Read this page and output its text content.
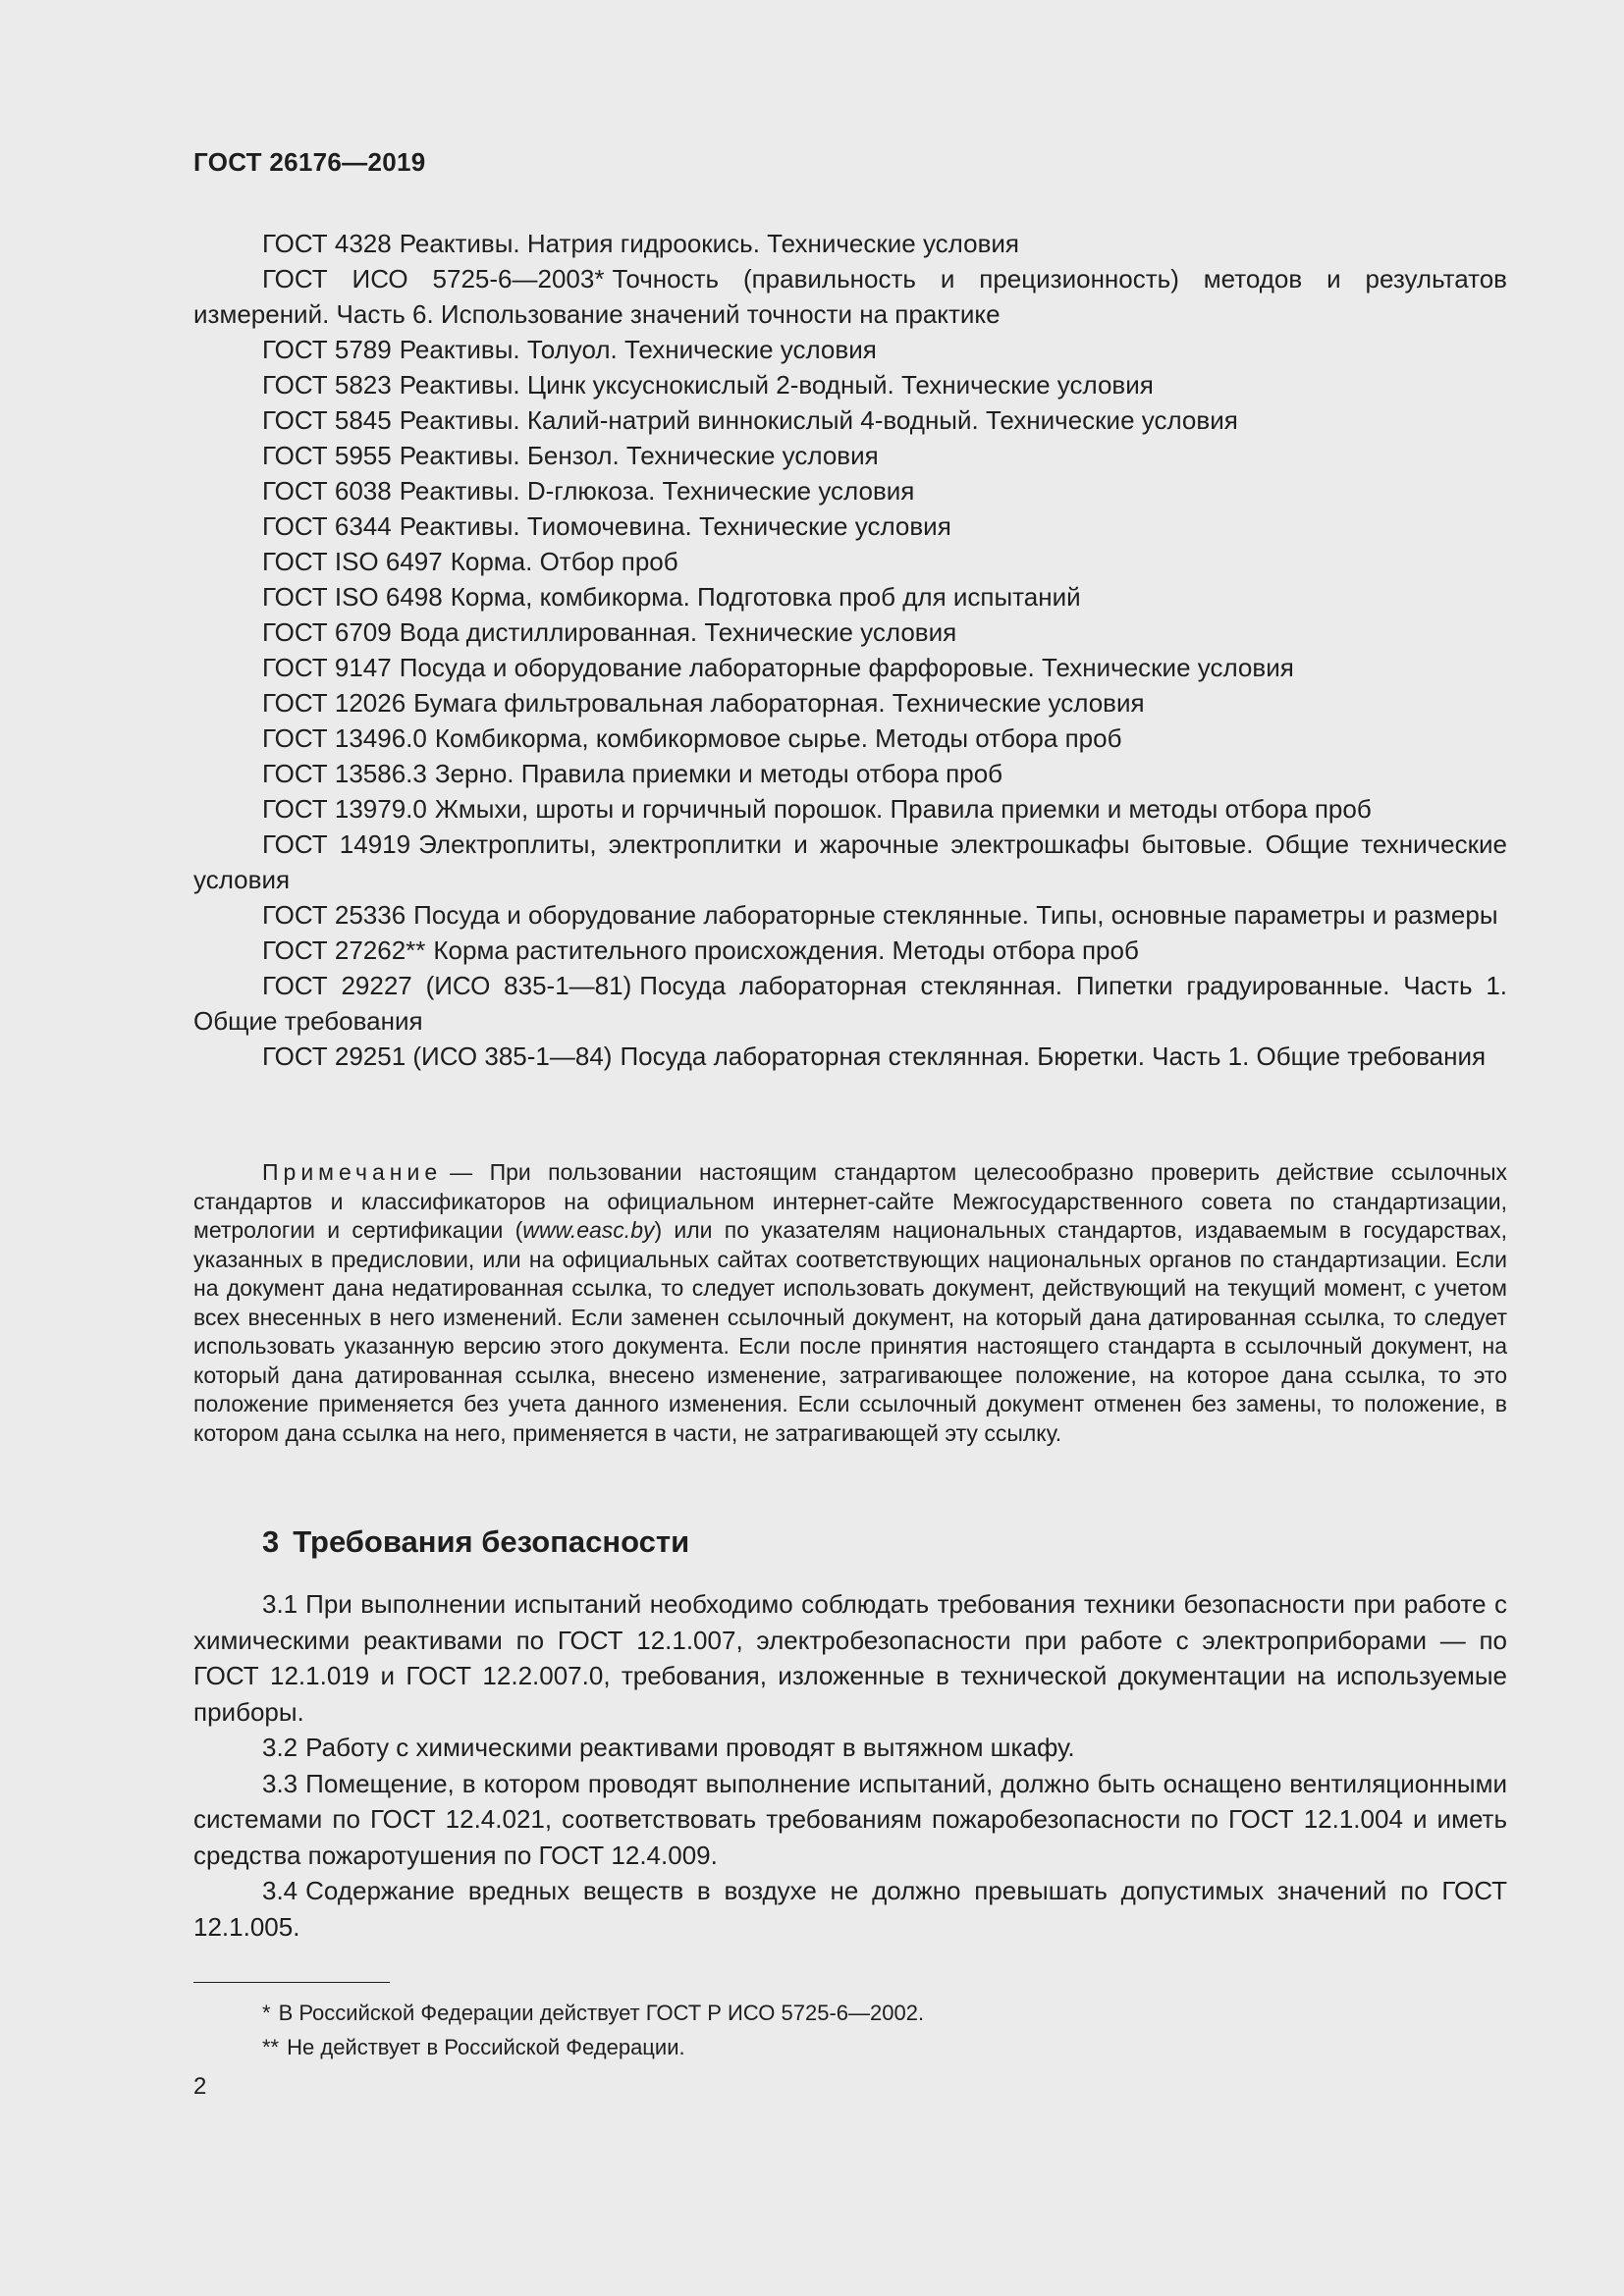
ГОСТ 26176—2019

ГОСТ 4328 Реактивы. Натрия гидроокись. Технические условия

ГОСТ ИСО 5725-6—2003* Точность (правильность и прецизионность) методов и результатов измерений. Часть 6. Использование значений точности на практике

ГОСТ 5789 Реактивы. Толуол. Технические условия

ГОСТ 5823 Реактивы. Цинк уксуснокислый 2-водный. Технические условия

ГОСТ 5845 Реактивы. Калий-натрий виннокислый 4-водный. Технические условия

ГОСТ 5955 Реактивы. Бензол. Технические условия

ГОСТ 6038 Реактивы. D-глюкоза. Технические условия

ГОСТ 6344 Реактивы. Тиомочевина. Технические условия

ГОСТ ISO 6497 Корма. Отбор проб

ГОСТ ISO 6498 Корма, комбикорма. Подготовка проб для испытаний

ГОСТ 6709 Вода дистиллированная. Технические условия

ГОСТ 9147 Посуда и оборудование лабораторные фарфоровые. Технические условия

ГОСТ 12026 Бумага фильтровальная лабораторная. Технические условия

ГОСТ 13496.0 Комбикорма, комбикормовое сырье. Методы отбора проб

ГОСТ 13586.3 Зерно. Правила приемки и методы отбора проб

ГОСТ 13979.0 Жмыхи, шроты и горчичный порошок. Правила приемки и методы отбора проб

ГОСТ 14919 Электроплиты, электроплитки и жарочные электрошкафы бытовые. Общие технические условия

ГОСТ 25336 Посуда и оборудование лабораторные стеклянные. Типы, основные параметры и размеры

ГОСТ 27262** Корма растительного происхождения. Методы отбора проб

ГОСТ 29227 (ИСО 835-1—81) Посуда лабораторная стеклянная. Пипетки градуированные. Часть 1. Общие требования

ГОСТ 29251 (ИСО 385-1—84) Посуда лабораторная стеклянная. Бюретки. Часть 1. Общие требования

Примечание — При пользовании настоящим стандартом целесообразно проверить действие ссылочных стандартов и классификаторов на официальном интернет-сайте Межгосударственного совета по стандартизации, метрологии и сертификации (www.easc.by) или по указателям национальных стандартов, издаваемым в государствах, указанных в предисловии, или на официальных сайтах соответствующих национальных органов по стандартизации. Если на документ дана недатированная ссылка, то следует использовать документ, действующий на текущий момент, с учетом всех внесенных в него изменений. Если заменен ссылочный документ, на который дана датированная ссылка, то следует использовать указанную версию этого документа. Если после принятия настоящего стандарта в ссылочный документ, на который дана датированная ссылка, внесено изменение, затрагивающее положение, на которое дана ссылка, то это положение применяется без учета данного изменения. Если ссылочный документ отменен без замены, то положение, в котором дана ссылка на него, применяется в части, не затрагивающей эту ссылку.

3 Требования безопасности

3.1 При выполнении испытаний необходимо соблюдать требования техники безопасности при работе с химическими реактивами по ГОСТ 12.1.007, электробезопасности при работе с электроприборами — по ГОСТ 12.1.019 и ГОСТ 12.2.007.0, требования, изложенные в технической документации на используемые приборы.

3.2 Работу с химическими реактивами проводят в вытяжном шкафу.

3.3 Помещение, в котором проводят выполнение испытаний, должно быть оснащено вентиляционными системами по ГОСТ 12.4.021, соответствовать требованиям пожаробезопасности по ГОСТ 12.1.004 и иметь средства пожаротушения по ГОСТ 12.4.009.

3.4 Содержание вредных веществ в воздухе не должно превышать допустимых значений по ГОСТ 12.1.005.

* В Российской Федерации действует ГОСТ Р ИСО 5725-6—2002.

** Не действует в Российской Федерации.

2
